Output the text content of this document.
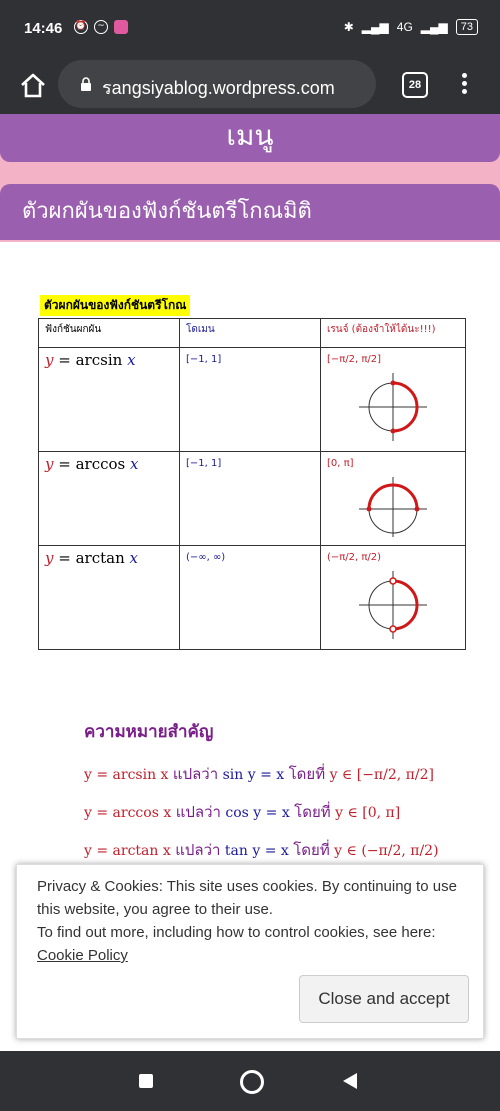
14:46 ⏰	~	✱ ▂▄▆ 4G ▂▄▆	73
รangsiyablog.wordpress.com	28
เมนู
ตัวผกผันของฟังก์ชันตรีโกณมิติ
ตัวผกผันของฟังก์ชันตรีโกณ
ฟังก์ชันผกผัน	โดเมน	เรนจ์ (ต้องจำให้ได้นะ!!!)
y = arcsin x	[−1, 1]	[−π/2, π/2]

y = arccos x	[−1, 1]	[0, π]

y = arctan x	(−∞, ∞)	(−π/2, π/2)
ความหมายสำคัญ
y = arcsin x แปลว่า sin y = x โดยที่ y ∈ [−π/2, π/2]
y = arccos x แปลว่า cos y = x โดยที่ y ∈ [0, π]
y = arctan x แปลว่า tan y = x โดยที่ y ∈ (−π/2, π/2)
Privacy & Cookies: This site uses cookies. By continuing to use this website, you agree to their use.
To find out more, including how to control cookies, see here:
Cookie Policy
Close and accept
